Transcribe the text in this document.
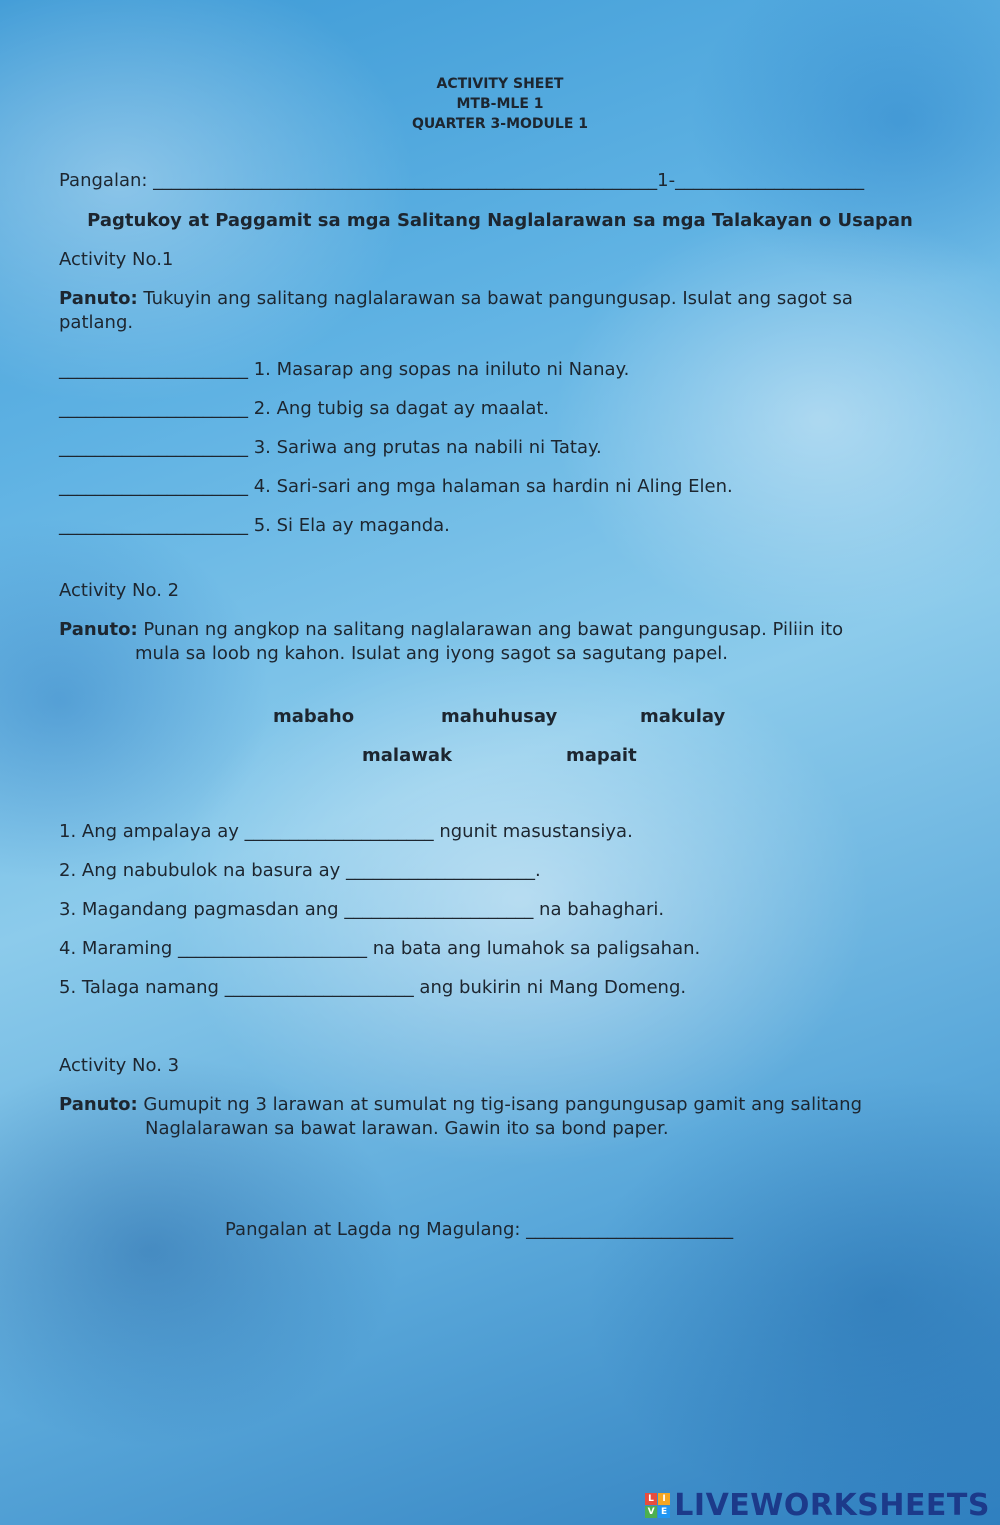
ACTIVITY SHEET
MTB-MLE 1
QUARTER 3-MODULE 1
Pangalan: ________________________________________________________1-_____________________
Pagtukoy at Paggamit sa mga Salitang Naglalarawan sa mga Talakayan o Usapan
Activity No.1
Panuto: Tukuyin ang salitang naglalarawan sa bawat pangungusap. Isulat ang sagot sa
patlang.
_____________________ 1. Masarap ang sopas na iniluto ni Nanay.
_____________________ 2. Ang tubig sa dagat ay maalat.
_____________________ 3. Sariwa ang prutas na nabili ni Tatay.
_____________________ 4. Sari-sari ang mga halaman sa hardin ni Aling Elen.
_____________________ 5. Si Ela ay maganda.
Activity No. 2
Panuto: Punan ng angkop na salitang naglalarawan ang bawat pangungusap. Piliin ito
mula sa loob ng kahon. Isulat ang iyong sagot sa sagutang papel.
mabaho	mahuhusay	makulay
malawak	mapait
1. Ang ampalaya ay _____________________ ngunit masustansiya.
2. Ang nabubulok na basura ay _____________________.
3. Magandang pagmasdan ang _____________________ na bahaghari.
4. Maraming _____________________ na bata ang lumahok sa paligsahan.
5. Talaga namang _____________________ ang bukirin ni Mang Domeng.
Activity No. 3
Panuto: Gumupit ng 3 larawan at sumulat ng tig-isang pangungusap gamit ang salitang
Naglalarawan sa bawat larawan. Gawin ito sa bond paper.
Pangalan at Lagda ng Magulang: _______________________
L I
V E LIVEWORKSHEETS
